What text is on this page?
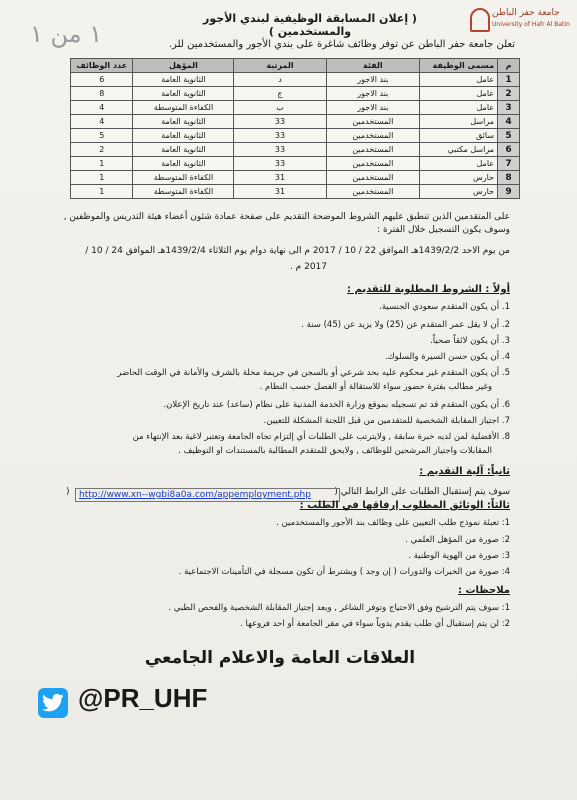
جامعة حفر الباطن
University of Hafr Al Batin
( إعلان المسابقة الوظيفية لبندي الأجور والمستخدمين )
١ من ١	تعلن جامعة حفر الباطن عن توفر وظائف شاغرة على بندي الأجور والمستخدمين للر.
م	مسمى الوظيفة	الفئة	المرتبة	المؤهل	عدد الوظائف
1	عامل	بند الاجور	د	الثانوية العامة	6
2	عامل	بند الاجور	ج	الثانوية العامة	8
3	عامل	بند الاجور	ب	الكفاءة المتوسطة	4
4	مراسل	المستخدمين	33	الثانوية العامة	4
5	سائق	المستخدمين	33	الثانوية العامة	5
6	مراسل مكتبي	المستخدمين	33	الثانوية العامة	2
7	عامل	المستخدمين	33	الثانوية العامة	1
8	حارس	المستخدمين	31	الكفاءة المتوسطة	1
9	حارس	المستخدمين	31	الكفاءة المتوسطة	1
على المتقدمين الذين تنطبق عليهم الشروط الموضحة التقديم على صفحة عمادة شئون أعضاء هيئة التدريس والموظفين ,
وسوف يكون التسجيل خلال الفترة :
من يوم الاحد 1439/2/2هـ الموافق 22 / 10 / 2017 م الى نهاية دوام يوم الثلاثاء 1439/2/4هـ الموافق 24 / 10 /
2017 م .
أولاً : الشروط المطلوبة للتقديم :
1. أن يكون المتقدم سعودي الجنسية.
2. أن لا يقل عمر المتقدم عن (25) ولا يزيد عن (45) سنة .
3. أن يكون لائقاً صحياً.
4. أن يكون حسن السيرة والسلوك.
5. أن يكون المتقدم غير محكوم عليه بحد شرعي أو بالسجن في جريمة مخلة بالشرف والأمانة في الوقت الحاضر
وغير مطالب بفترة حضور سواء للاستقالة أو الفصل حسب النظام .
6. أن يكون المتقدم قد تم تسجيله بموقع وزارة الخدمة المدنية على نظام (ساعد) عند تاريخ الإعلان.
7. اجتياز المقابلة الشخصية للمتقدمين من قبل اللجنة المشكلة للتعيين.
8. الأفضلية لمن لديه خبرة سابقة , ولايترتب على الطلبات أي إلتزام تجاه الجامعة وتعتبر لاغية بعد الإنتهاء من
المقابلات واجتياز المرشحين للوظائف , ولايحق للمتقدم المطالبة بالمستندات او التوظيف .
ثانياً: آلية التقديم :
سوف يتم إستقبال الطلبات على الرابط التالي (
http://www.xn--wgbi8a0a.com/appemployment.php
)
ثالثاً: الوثائق المطلوب إرفاقها في الطلب :
1: تعبئة نموذج طلب التعيين على وظائف بند الأجور والمستخدمين .
2: صورة من المؤهل العلمي .
3: صورة من الهوية الوطنية .
4: صورة من الخبرات والدورات ( إن وجد ) ويشترط أن تكون مسجلة في التأمينات الاجتماعية .
ملاحظات :
1: سوف يتم الترشيح وفق الاحتياج وتوفر الشاغر , وبعد إجتياز المقابلة الشخصية والفحص الطبي .
2: لن يتم إستقبال أي طلب يقدم يدوياً سواء في مقر الجامعة أو احد فروعها .
العلاقات العامة والاعلام الجامعي
@PR_UHF
